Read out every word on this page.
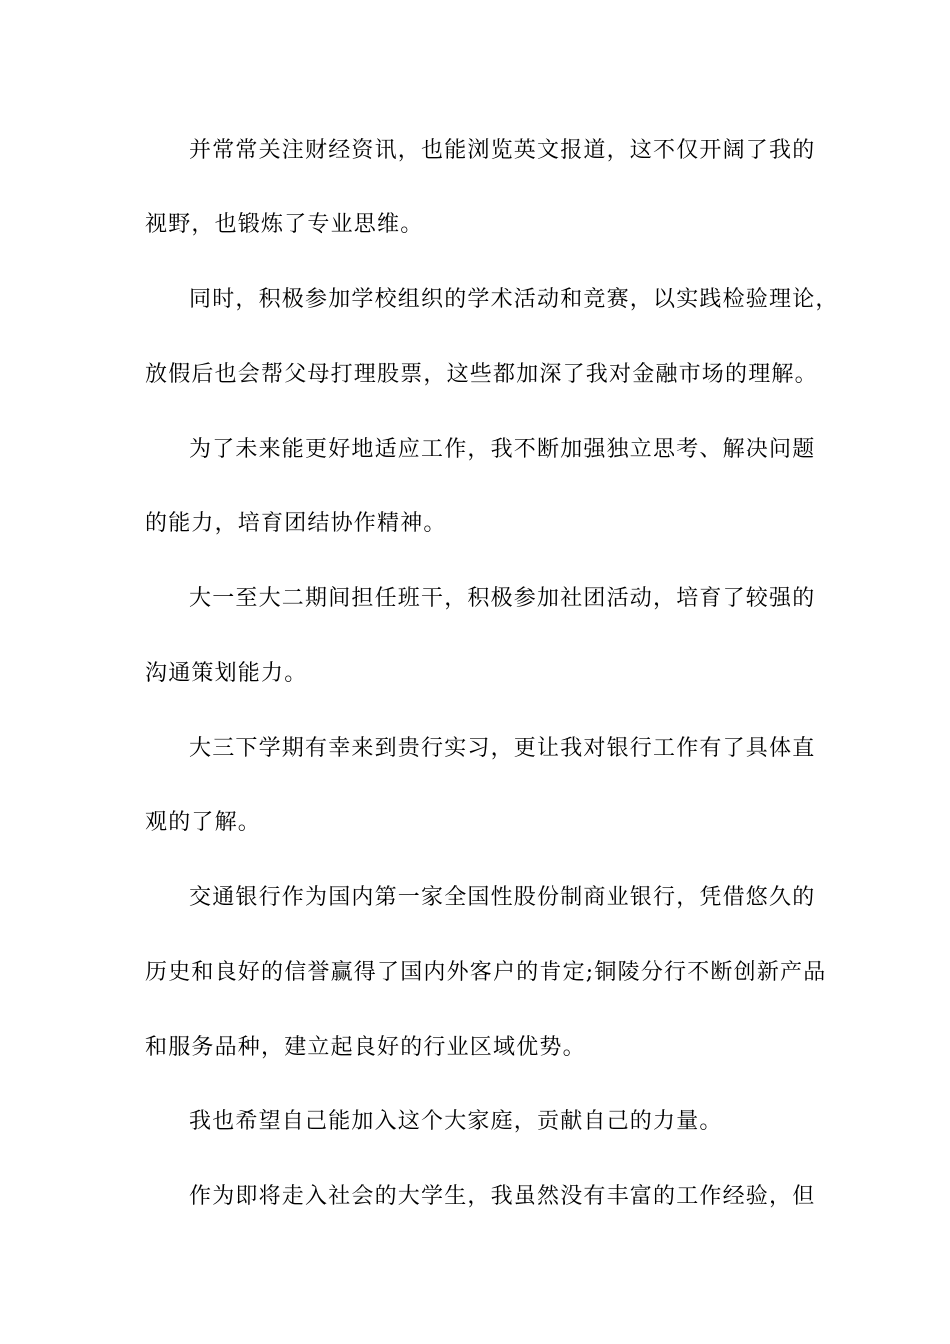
并常常关注财经资讯，也能浏览英文报道，这不仅开阔了我的
视野，也锻炼了专业思维。
同时，积极参加学校组织的学术活动和竞赛，以实践检验理论，
放假后也会帮父母打理股票，这些都加深了我对金融市场的理解。
为了未来能更好地适应工作，我不断加强独立思考、解决问题
的能力，培育团结协作精神。
大一至大二期间担任班干，积极参加社团活动，培育了较强的
沟通策划能力。
大三下学期有幸来到贵行实习，更让我对银行工作有了具体直
观的了解。
交通银行作为国内第一家全国性股份制商业银行，凭借悠久的
历史和良好的信誉赢得了国内外客户的肯定;铜陵分行不断创新产品
和服务品种，建立起良好的行业区域优势。
我也希望自己能加入这个大家庭，贡献自己的力量。
作为即将走入社会的大学生，我虽然没有丰富的工作经验，但
